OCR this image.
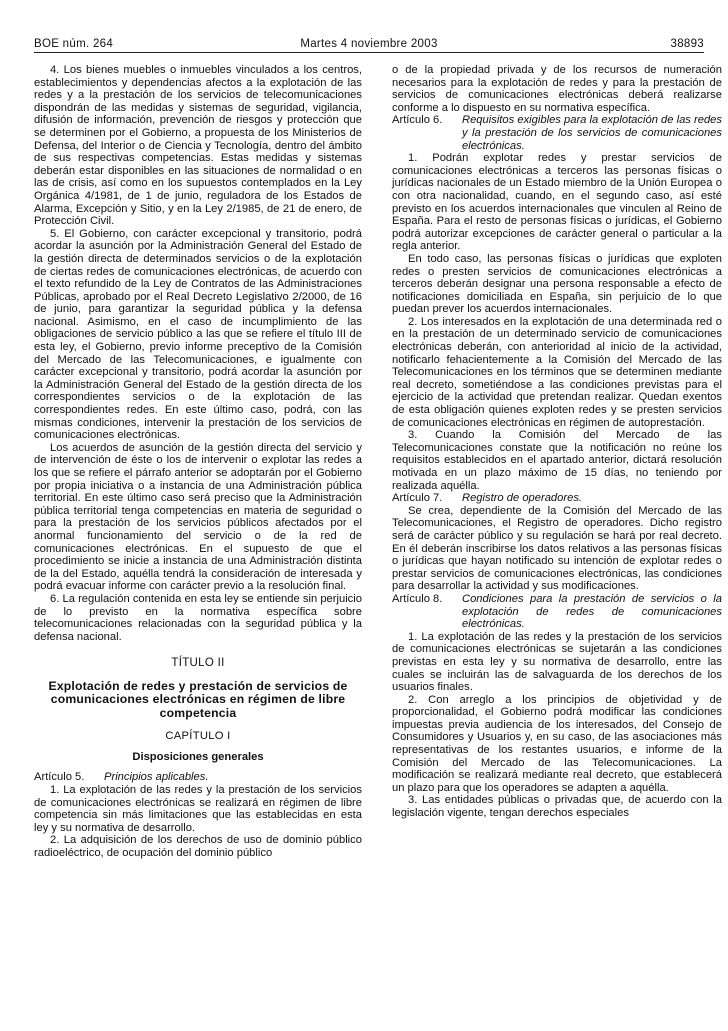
BOE núm. 264	Martes 4 noviembre 2003	38893

4. Los bienes muebles o inmuebles vinculados a los centros, establecimientos y dependencias afectos a la explotación de las redes y a la prestación de los servicios de telecomunicaciones dispondrán de las medidas y sistemas de seguridad, vigilancia, difusión de información, prevención de riesgos y protección que se determinen por el Gobierno, a propuesta de los Ministerios de Defensa, del Interior o de Ciencia y Tecnología, dentro del ámbito de sus respectivas competencias. Estas medidas y sistemas deberán estar disponibles en las situaciones de normalidad o en las de crisis, así como en los supuestos contemplados en la Ley Orgánica 4/1981, de 1 de junio, reguladora de los Estados de Alarma, Excepción y Sitio, y en la Ley 2/1985, de 21 de enero, de Protección Civil.

5. El Gobierno, con carácter excepcional y transitorio, podrá acordar la asunción por la Administración General del Estado de la gestión directa de determinados servicios o de la explotación de ciertas redes de comunicaciones electrónicas, de acuerdo con el texto refundido de la Ley de Contratos de las Administraciones Públicas, aprobado por el Real Decreto Legislativo 2/2000, de 16 de junio, para garantizar la seguridad pública y la defensa nacional. Asimismo, en el caso de incumplimiento de las obligaciones de servicio público a las que se refiere el título III de esta ley, el Gobierno, previo informe preceptivo de la Comisión del Mercado de las Telecomunicaciones, e igualmente con carácter excepcional y transitorio, podrá acordar la asunción por la Administración General del Estado de la gestión directa de los correspondientes servicios o de la explotación de las correspondientes redes. En este último caso, podrá, con las mismas condiciones, intervenir la prestación de los servicios de comunicaciones electrónicas.

Los acuerdos de asunción de la gestión directa del servicio y de intervención de éste o los de intervenir o explotar las redes a los que se refiere el párrafo anterior se adoptarán por el Gobierno por propia iniciativa o a instancia de una Administración pública territorial. En este último caso será preciso que la Administración pública territorial tenga competencias en materia de seguridad o para la prestación de los servicios públicos afectados por el anormal funcionamiento del servicio o de la red de comunicaciones electrónicas. En el supuesto de que el procedimiento se inicie a instancia de una Administración distinta de la del Estado, aquélla tendrá la consideración de interesada y podrá evacuar informe con carácter previo a la resolución final.

6. La regulación contenida en esta ley se entiende sin perjuicio de lo previsto en la normativa específica sobre telecomunicaciones relacionadas con la seguridad pública y la defensa nacional.

TÍTULO II
Explotación de redes y prestación de servicios de comunicaciones electrónicas en régimen de libre competencia
CAPÍTULO I
Disposiciones generales

Artículo 5. Principios aplicables.

1. La explotación de las redes y la prestación de los servicios de comunicaciones electrónicas se realizará en régimen de libre competencia sin más limitaciones que las establecidas en esta ley y su normativa de desarrollo.

2. La adquisición de los derechos de uso de dominio público radioeléctrico, de ocupación del dominio público

o de la propiedad privada y de los recursos de numeración necesarios para la explotación de redes y para la prestación de servicios de comunicaciones electrónicas deberá realizarse conforme a lo dispuesto en su normativa específica.

Artículo 6. Requisitos exigibles para la explotación de las redes y la prestación de los servicios de comunicaciones electrónicas.

1. Podrán explotar redes y prestar servicios de comunicaciones electrónicas a terceros las personas físicas o jurídicas nacionales de un Estado miembro de la Unión Europea o con otra nacionalidad, cuando, en el segundo caso, así esté previsto en los acuerdos internacionales que vinculen al Reino de España. Para el resto de personas físicas o jurídicas, el Gobierno podrá autorizar excepciones de carácter general o particular a la regla anterior.

En todo caso, las personas físicas o jurídicas que exploten redes o presten servicios de comunicaciones electrónicas a terceros deberán designar una persona responsable a efecto de notificaciones domiciliada en España, sin perjuicio de lo que puedan prever los acuerdos internacionales.

2. Los interesados en la explotación de una determinada red o en la prestación de un determinado servicio de comunicaciones electrónicas deberán, con anterioridad al inicio de la actividad, notificarlo fehacientemente a la Comisión del Mercado de las Telecomunicaciones en los términos que se determinen mediante real decreto, sometiéndose a las condiciones previstas para el ejercicio de la actividad que pretendan realizar. Quedan exentos de esta obligación quienes exploten redes y se presten servicios de comunicaciones electrónicas en régimen de autoprestación.

3. Cuando la Comisión del Mercado de las Telecomunicaciones constate que la notificación no reúne los requisitos establecidos en el apartado anterior, dictará resolución motivada en un plazo máximo de 15 días, no teniendo por realizada aquélla.

Artículo 7. Registro de operadores.

Se crea, dependiente de la Comisión del Mercado de las Telecomunicaciones, el Registro de operadores. Dicho registro será de carácter público y su regulación se hará por real decreto. En él deberán inscribirse los datos relativos a las personas físicas o jurídicas que hayan notificado su intención de explotar redes o prestar servicios de comunicaciones electrónicas, las condiciones para desarrollar la actividad y sus modificaciones.

Artículo 8. Condiciones para la prestación de servicios o la explotación de redes de comunicaciones electrónicas.

1. La explotación de las redes y la prestación de los servicios de comunicaciones electrónicas se sujetarán a las condiciones previstas en esta ley y su normativa de desarrollo, entre las cuales se incluirán las de salvaguarda de los derechos de los usuarios finales.

2. Con arreglo a los principios de objetividad y de proporcionalidad, el Gobierno podrá modificar las condiciones impuestas previa audiencia de los interesados, del Consejo de Consumidores y Usuarios y, en su caso, de las asociaciones más representativas de los restantes usuarios, e informe de la Comisión del Mercado de las Telecomunicaciones. La modificación se realizará mediante real decreto, que establecerá un plazo para que los operadores se adapten a aquélla.

3. Las entidades públicas o privadas que, de acuerdo con la legislación vigente, tengan derechos especiales
